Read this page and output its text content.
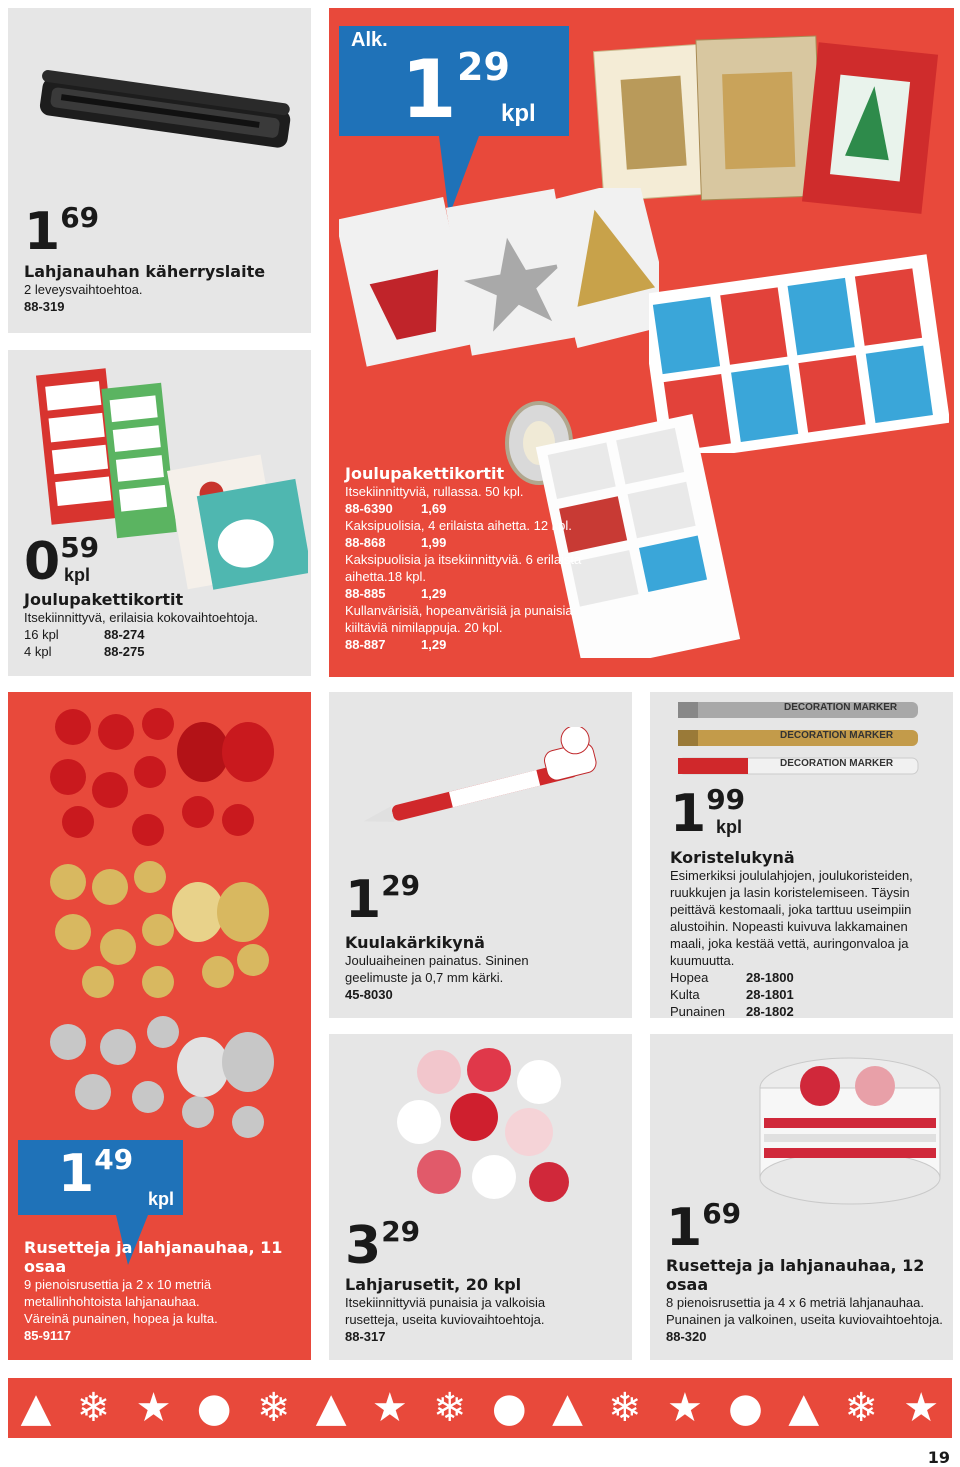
169

Lahjanauhan käherryslaite

2 leveysvaihtoehtoa.

88-319

Alk.
1 29
kpl

Joulupakettikortit

Itsekiinnittyviä, rullassa. 50 kpl.

88-6390	1,69

Kaksipuolisia, 4 erilaista aihetta. 12 kpl.

88-868	1,99

Kaksipuolisia ja itsekiinnittyviä. 6 erilaista aihetta.18 kpl.

88-885	1,29

Kullanvärisiä, hopeanvärisiä ja punaisia kiiltäviä nimilappuja. 20 kpl.

88-887	1,29
059
kpl

Joulupakettikortit

Itsekiinnittyvä, erilaisia kokovaihtoehtoja.

16 kpl	88-274
4 kpl	88-275
149
kpl

Rusetteja ja lahjanauhaa, 11 osaa

9 pienoisrusettia ja 2 x 10 metriä metallinhohtoista lahjanauhaa.

Väreinä punainen, hopea ja kulta.

85-9117

129

Kuulakärkikynä

Jouluaiheinen painatus. Sininen geelimuste ja 0,7 mm kärki.

45-8030

DECORATION MARKER
DECORATION MARKER
DECORATION MARKER
199
kpl

Koristelukynä

Esimerkiksi joululahjojen, joulukoristeiden, ruukkujen ja lasin koristelemiseen. Täysin peittävä kestomaali, joka tarttuu useimpiin alustoihin. Nopeasti kuivuva lakkamainen maali, joka kestää vettä, auringonvaloa ja kuumuutta.

Hopea	28-1800
Kulta	28-1801
Punainen	28-1802
329

Lahjarusetit, 20 kpl

Itsekiinnittyviä punaisia ja valkoisia rusetteja, useita kuviovaihtoehtoja.

88-317

169

Rusetteja ja lahjanauhaa, 12 osaa

8 pienoisrusettia ja 4 x 6 metriä lahjanauhaa. Punainen ja valkoinen, useita kuviovaihtoehtoja.

88-320

▲ ❄ ★ ● ❄ ▲ ★ ❄ ● ▲ ❄ ★ ● ▲ ❄ ★
19
